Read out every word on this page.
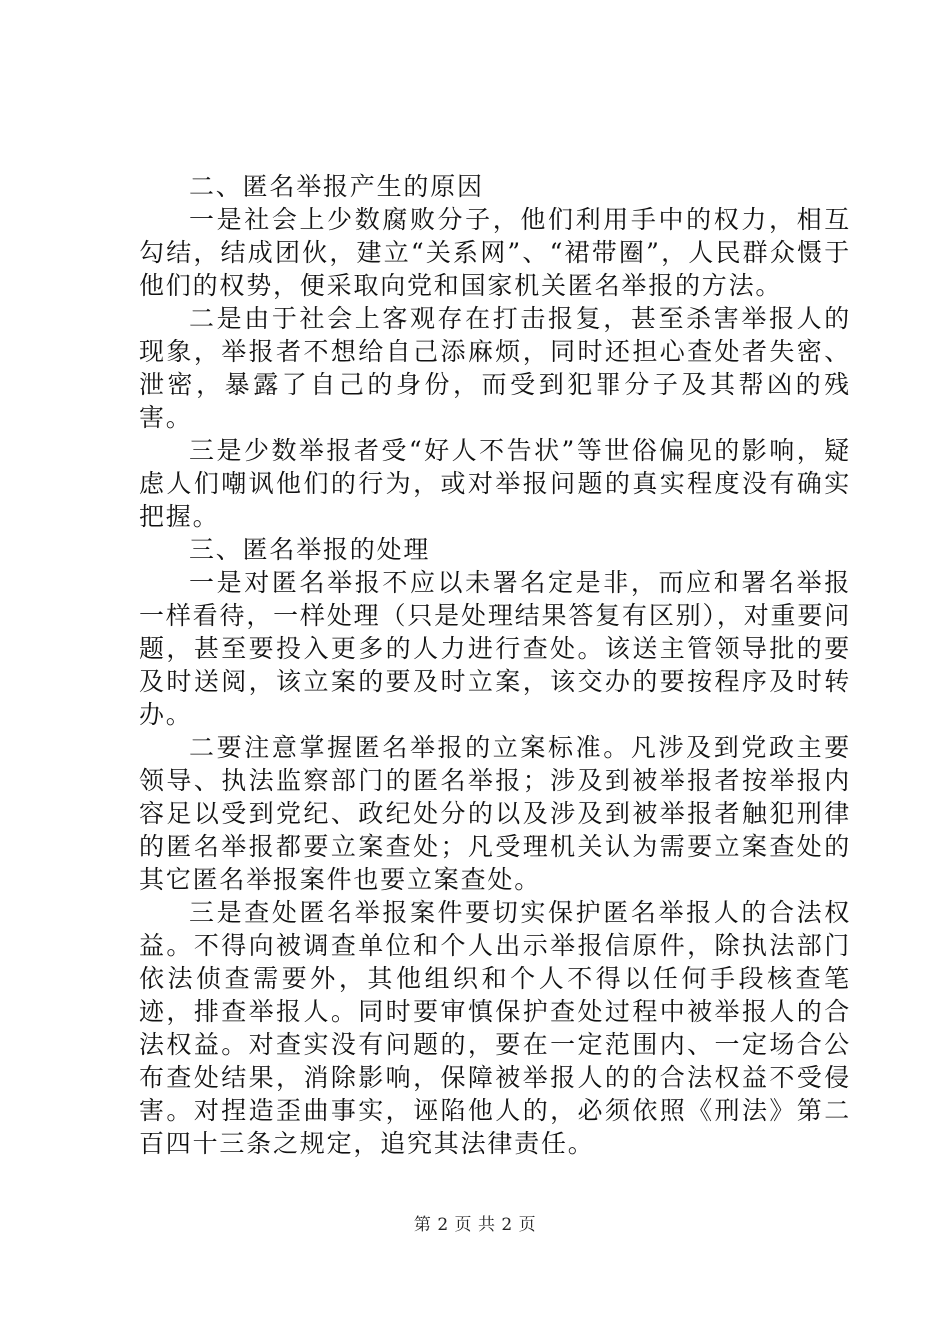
二、匿名举报产生的原因

一是社会上少数腐败分子，他们利用手中的权力，相互勾结，结成团伙，建立“关系网”、“裙带圈”，人民群众慑于他们的权势，便采取向党和国家机关匿名举报的方法。

二是由于社会上客观存在打击报复，甚至杀害举报人的现象，举报者不想给自己添麻烦，同时还担心查处者失密、泄密，暴露了自己的身份，而受到犯罪分子及其帮凶的残害。

三是少数举报者受“好人不告状”等世俗偏见的影响，疑虑人们嘲讽他们的行为，或对举报问题的真实程度没有确实把握。

三、匿名举报的处理

一是对匿名举报不应以未署名定是非，而应和署名举报一样看待，一样处理（只是处理结果答复有区别），对重要问题，甚至要投入更多的人力进行查处。该送主管领导批的要及时送阅，该立案的要及时立案，该交办的要按程序及时转办。

二要注意掌握匿名举报的立案标准。凡涉及到党政主要领导、执法监察部门的匿名举报；涉及到被举报者按举报内容足以受到党纪、政纪处分的以及涉及到被举报者触犯刑律的匿名举报都要立案查处；凡受理机关认为需要立案查处的其它匿名举报案件也要立案查处。

三是查处匿名举报案件要切实保护匿名举报人的合法权益。不得向被调查单位和个人出示举报信原件，除执法部门依法侦查需要外，其他组织和个人不得以任何手段核查笔迹，排查举报人。同时要审慎保护查处过程中被举报人的合法权益。对查实没有问题的，要在一定范围内、一定场合公布查处结果，消除影响，保障被举报人的的合法权益不受侵害。对捏造歪曲事实，诬陷他人的，必须依照《刑法》第二百四十三条之规定，追究其法律责任。

第 2 页 共 2 页
